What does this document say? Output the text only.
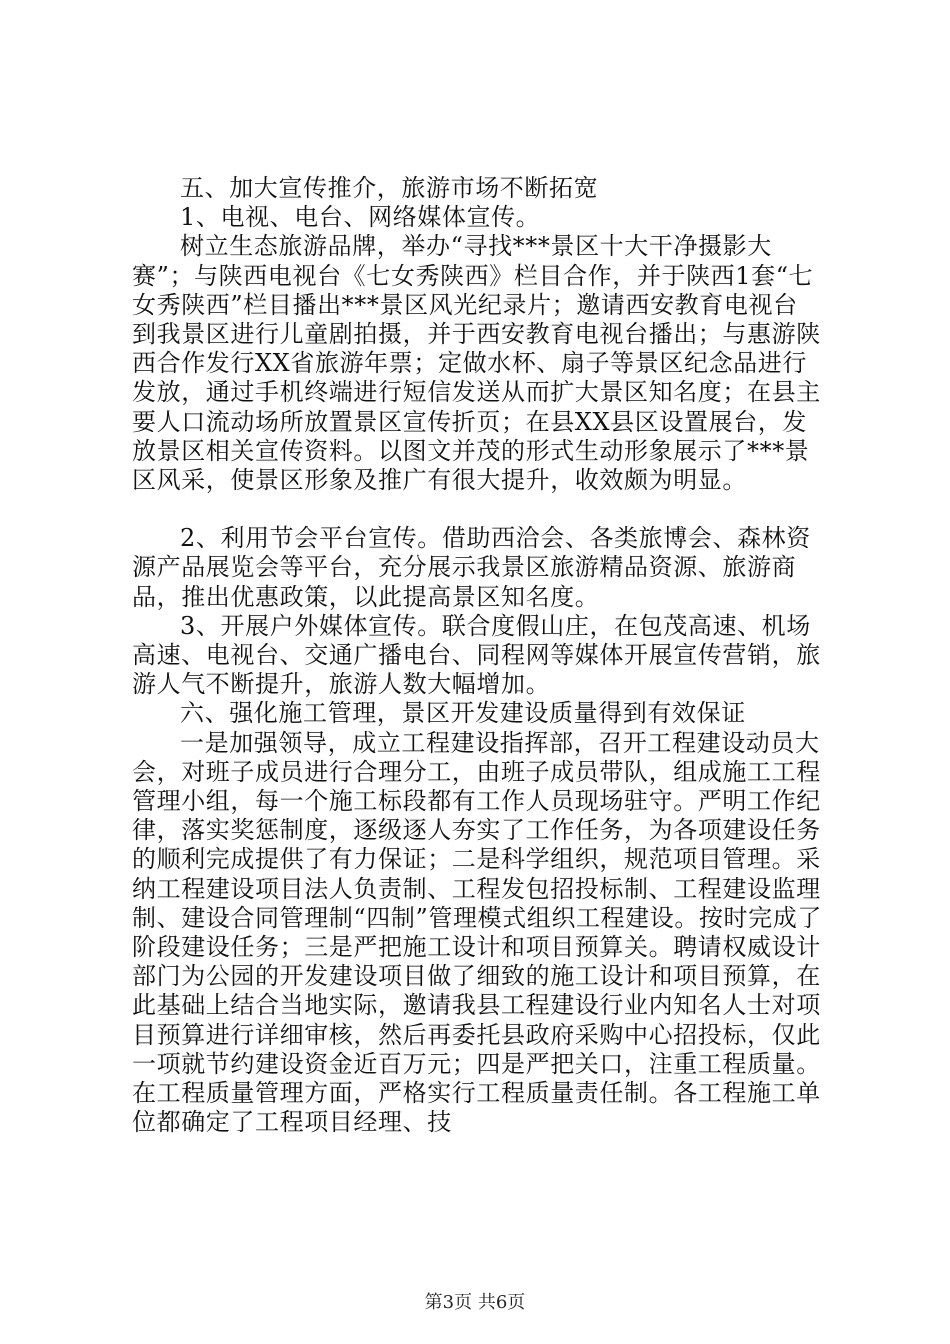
五、加大宣传推介，旅游市场不断拓宽

1、电视、电台、网络媒体宣传。

树立生态旅游品牌，举办“寻找***景区十大干净摄影大赛”；与陕西电视台《七女秀陕西》栏目合作，并于陕西1套“七女秀陕西”栏目播出***景区风光纪录片；邀请西安教育电视台到我景区进行儿童剧拍摄，并于西安教育电视台播出；与惠游陕西合作发行XX省旅游年票；定做水杯、扇子等景区纪念品进行发放，通过手机终端进行短信发送从而扩大景区知名度；在县主要人口流动场所放置景区宣传折页；在县XX县区设置展台，发放景区相关宣传资料。以图文并茂的形式生动形象展示了***景区风采，使景区形象及推广有很大提升，收效颇为明显。

2、利用节会平台宣传。借助西洽会、各类旅博会、森林资源产品展览会等平台，充分展示我景区旅游精品资源、旅游商品，推出优惠政策，以此提高景区知名度。

3、开展户外媒体宣传。联合度假山庄，在包茂高速、机场高速、电视台、交通广播电台、同程网等媒体开展宣传营销，旅游人气不断提升，旅游人数大幅增加。

六、强化施工管理，景区开发建设质量得到有效保证

一是加强领导，成立工程建设指挥部，召开工程建设动员大会，对班子成员进行合理分工，由班子成员带队，组成施工工程管理小组，每一个施工标段都有工作人员现场驻守。严明工作纪律，落实奖惩制度，逐级逐人夯实了工作任务，为各项建设任务的顺利完成提供了有力保证；二是科学组织，规范项目管理。采纳工程建设项目法人负责制、工程发包招投标制、工程建设监理制、建设合同管理制“四制”管理模式组织工程建设。按时完成了阶段建设任务；三是严把施工设计和项目预算关。聘请权威设计部门为公园的开发建设项目做了细致的施工设计和项目预算，在此基础上结合当地实际，邀请我县工程建设行业内知名人士对项目预算进行详细审核，然后再委托县政府采购中心招投标，仅此一项就节约建设资金近百万元；四是严把关口，注重工程质量。在工程质量管理方面，严格实行工程质量责任制。各工程施工单位都确定了工程项目经理、技

第3页 共6页
